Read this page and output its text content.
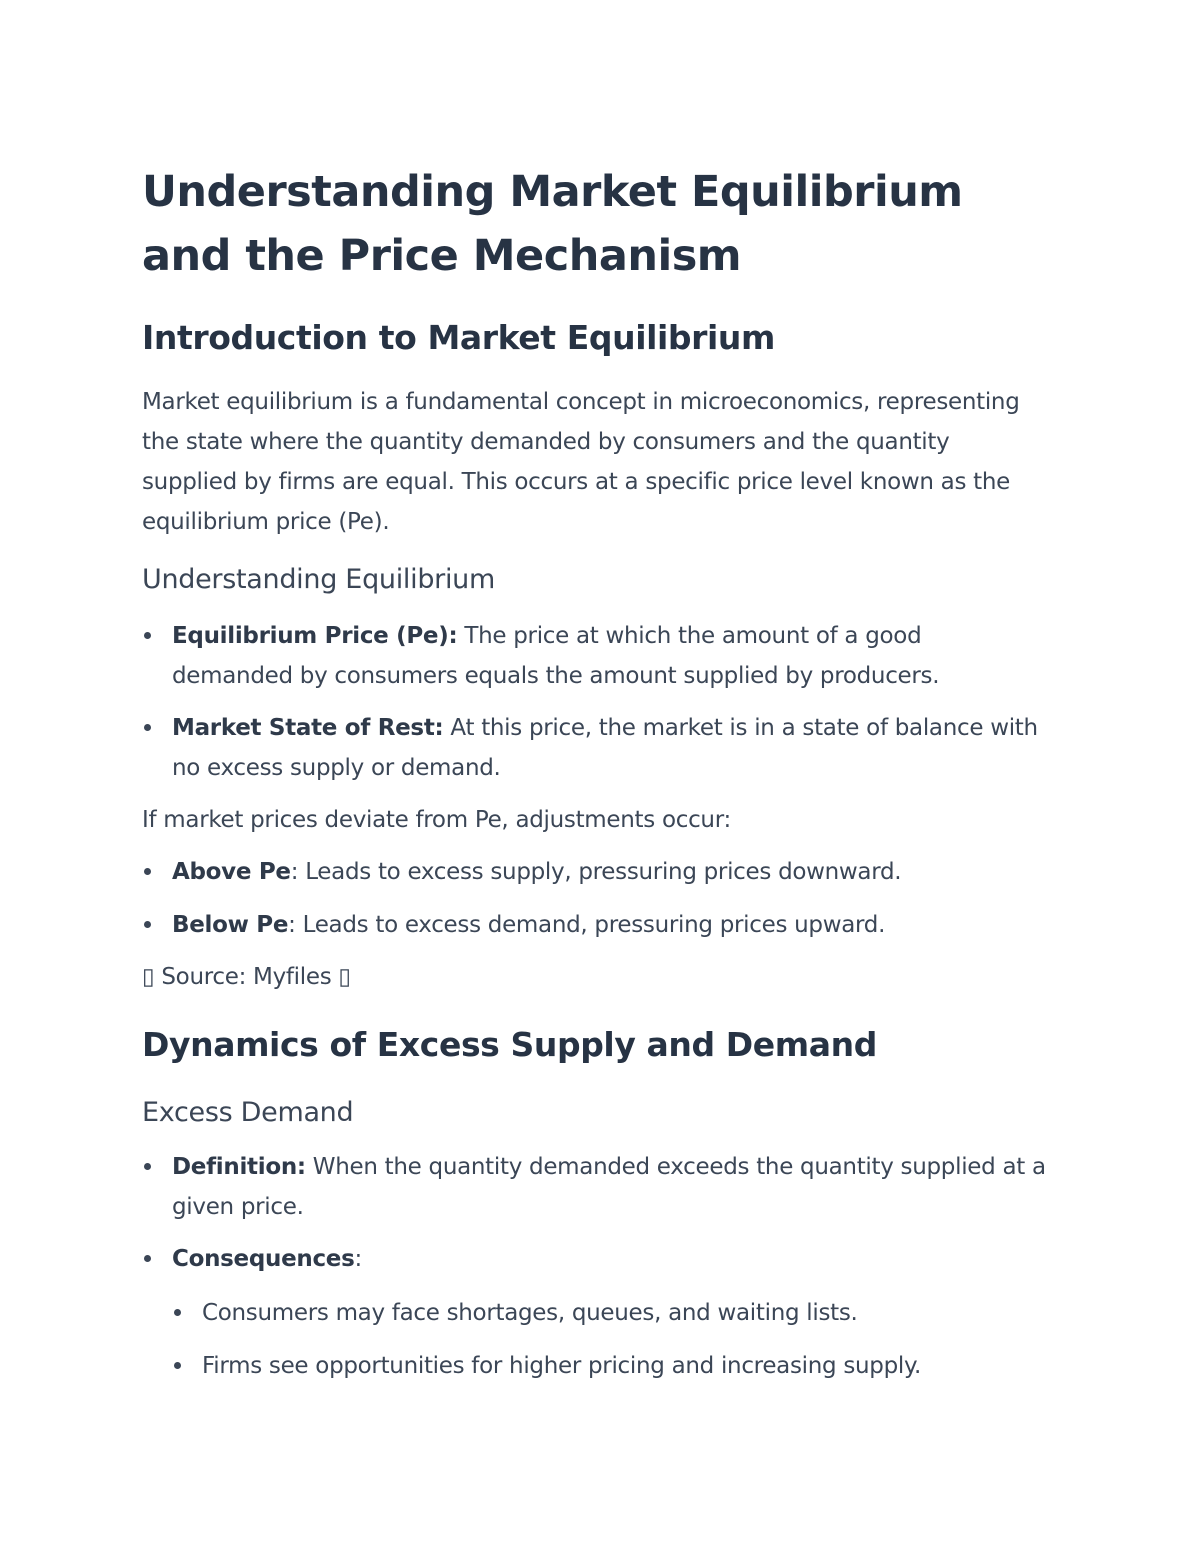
Understanding Market Equilibrium and the Price Mechanism
Introduction to Market Equilibrium

Market equilibrium is a fundamental concept in microeconomics, representing the state where the quantity demanded by consumers and the quantity supplied by firms are equal. This occurs at a specific price level known as the equilibrium price (Pe).

Understanding Equilibrium
Equilibrium Price (Pe): The price at which the amount of a good demanded by consumers equals the amount supplied by producers.
Market State of Rest: At this price, the market is in a state of balance with no excess supply or demand.

If market prices deviate from Pe, adjustments occur:

Above Pe: Leads to excess supply, pressuring prices downward.
Below Pe: Leads to excess demand, pressuring prices upward.

▯ Source: Myfiles ▯

Dynamics of Excess Supply and Demand
Excess Demand
Definition: When the quantity demanded exceeds the quantity supplied at a given price.
Consequences:
Consumers may face shortages, queues, and waiting lists.
Firms see opportunities for higher pricing and increasing supply.
